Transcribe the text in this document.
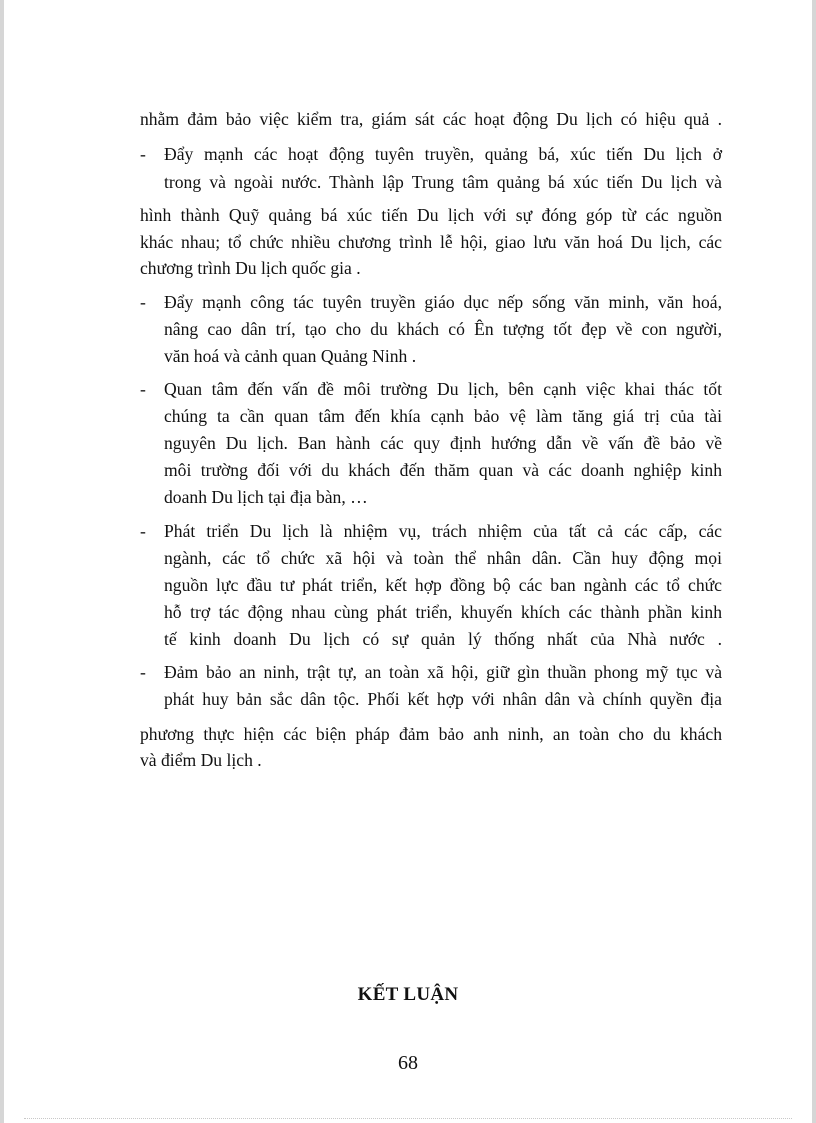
nhằm đảm bảo việc kiểm tra, giám sát các hoạt động Du lịch có hiệu quả .
- Đẩy mạnh các hoạt động tuyên truyền, quảng bá, xúc tiến Du lịch ở
trong và ngoài nước. Thành lập Trung tâm quảng bá xúc tiến Du lịch và
hình thành Quỹ quảng bá xúc tiến Du lịch với sự đóng góp từ các nguồn
khác nhau; tổ chức nhiều chương trình lễ hội, giao lưu văn hoá Du lịch, các
chương trình Du lịch quốc gia .
- Đẩy mạnh công tác tuyên truyền giáo dục nếp sống văn minh, văn hoá,
nâng cao dân trí, tạo cho du khách có Ên tượng tốt đẹp về con người,
văn hoá và cảnh quan Quảng Ninh .
- Quan tâm đến vấn đề môi trường Du lịch, bên cạnh việc khai thác tốt
chúng ta cần quan tâm đến khía cạnh bảo vệ làm tăng giá trị của tài
nguyên Du lịch. Ban hành các quy định hướng dẫn về vấn đề bảo về
môi trường đối với du khách đến thăm quan và các doanh nghiệp kinh
doanh Du lịch tại địa bàn, …
- Phát triển Du lịch là nhiệm vụ, trách nhiệm của tất cả các cấp, các
ngành, các tổ chức xã hội và toàn thể nhân dân. Cần huy động mọi
nguồn lực đầu tư phát triển, kết hợp đồng bộ các ban ngành các tổ chức
hỗ trợ tác động nhau cùng phát triển, khuyến khích các thành phần kinh
tế kinh doanh Du lịch có sự quản lý thống nhất của Nhà nước .
- Đảm bảo an ninh, trật tự, an toàn xã hội, giữ gìn thuần phong mỹ tục và
phát huy bản sắc dân tộc. Phối kết hợp với nhân dân và chính quyền địa
phương thực hiện các biện pháp đảm bảo anh ninh, an toàn cho du khách
và điểm Du lịch .
KẾT LUẬN
68
